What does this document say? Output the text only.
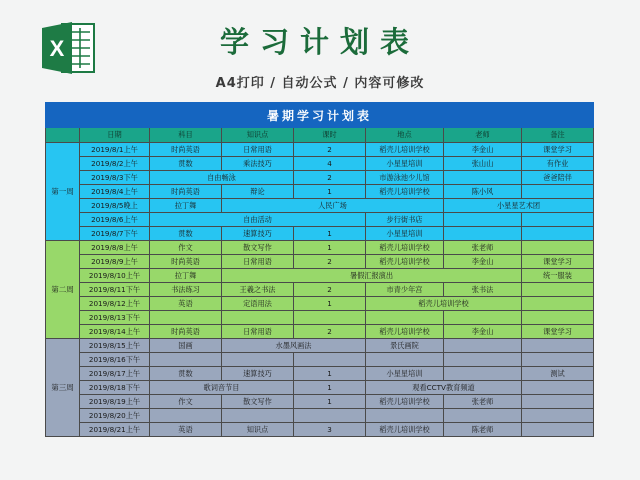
X	学习计划表
A4打印 / 自动公式 / 内容可修改
暑期学习计划表							
	日期	科目	知识点	课时	地点	老师	备注
第一周	2019/8/1上午	时尚英语	日常用语	2	稻壳儿培训学校	李金山	课堂学习
	2019/8/2上午	贯数	乘法技巧	4	小星星培训	张山山	有作业
	2019/8/3下午	自由畅泳		2	市游泳池少儿馆		爸爸陪伴
	2019/8/4上午	时尚英语	辩论	1	稻壳儿培训学校	陈小风	
	2019/8/5晚上	拉丁舞	人民广场			小星星艺术团	
	2019/8/6上午	自由活动			步行街书店		
	2019/8/7下午	贯数	速算技巧	1	小星星培训		
第二周	2019/8/8上午	作文	散文写作	1	稻壳儿培训学校	张老师	
	2019/8/9上午	时尚英语	日常用语	2	稻壳儿培训学校	李金山	课堂学习
	2019/8/10上午	拉丁舞	暑假汇报演出				统一服装
	2019/8/11下午	书法练习	王羲之书法	2	市青少年宫	张书法	
	2019/8/12上午	英语	定语用法	1	稻壳儿培训学校		
	2019/8/13下午						
	2019/8/14上午	时尚英语	日常用语	2	稻壳儿培训学校	李金山	课堂学习
第三周	2019/8/15上午	国画	水墨风画法		景氏画院		
	2019/8/16下午						
	2019/8/17上午	贯数	速算技巧	1	小星星培训		测试
	2019/8/18下午	歌词音节目		1	观看CCTV教育频道		
	2019/8/19上午	作文	散文写作	1	稻壳儿培训学校	张老师	
	2019/8/20上午						
	2019/8/21上午	英语	知识点	3	稻壳儿培训学校	陈老师	
